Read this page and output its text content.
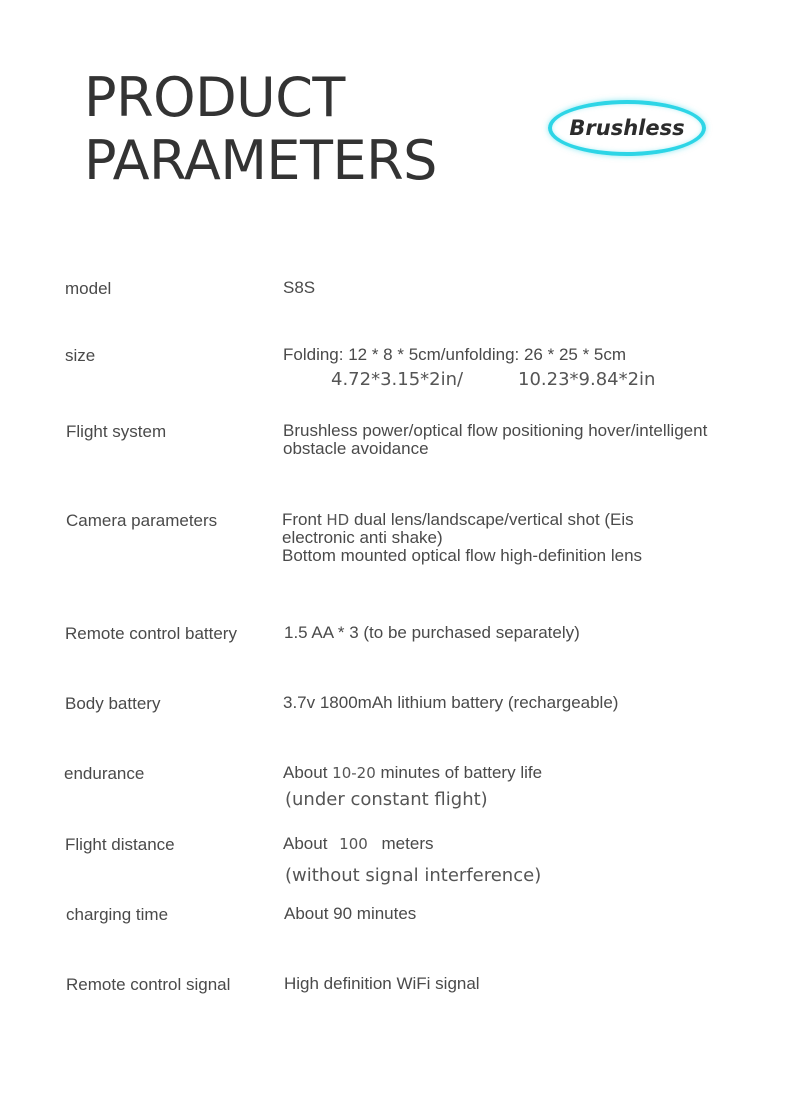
PRODUCT
PARAMETERS
Brushless
model	S8S
size	Folding: 12 * 8 * 5cm/unfolding: 26 * 25 * 5cm
4.72*3.15*2in/	10.23*9.84*2in
Flight system	Brushless power/optical flow positioning hover/intelligent
obstacle avoidance
Camera parameters	Front HD dual lens/landscape/vertical shot (Eis
electronic anti shake)
Bottom mounted optical flow high-definition lens
Remote control battery	1.5 AA * 3 (to be purchased separately)
Body battery	3.7v 1800mAh lithium battery (rechargeable)
endurance	About 10-20 minutes of battery life
(under constant flight)
Flight distance	About 100 meters
(without signal interference)
charging time	About 90 minutes
Remote control signal	High definition WiFi signal
